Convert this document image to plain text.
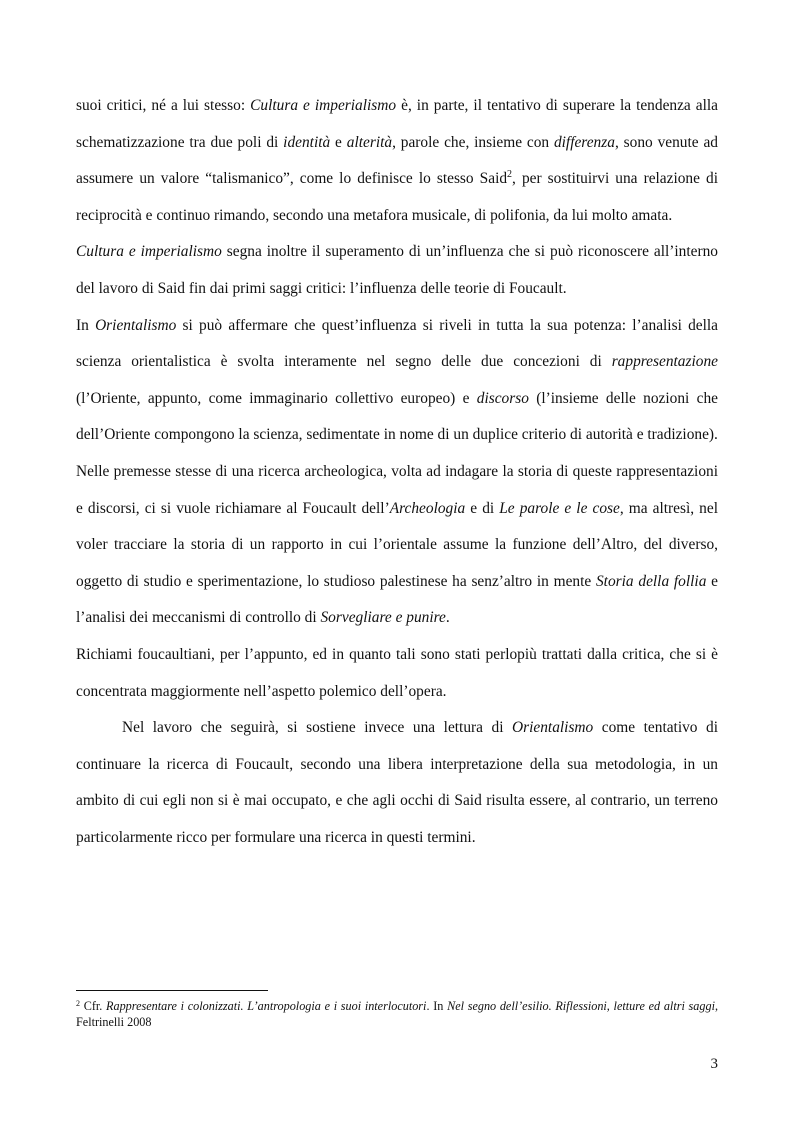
suoi critici, né a lui stesso: Cultura e imperialismo è, in parte, il tentativo di superare la tendenza alla schematizzazione tra due poli di identità e alterità, parole che, insieme con differenza, sono venute ad assumere un valore “talismanico”, come lo definisce lo stesso Said$^2$, per sostituirvi una relazione di reciprocità e continuo rimando, secondo una metafora musicale, di polifonia, da lui molto amata.

Cultura e imperialismo segna inoltre il superamento di un’influenza che si può riconoscere all’interno del lavoro di Said fin dai primi saggi critici: l’influenza delle teorie di Foucault.

In Orientalismo si può affermare che quest’influenza si riveli in tutta la sua potenza: l’analisi della scienza orientalistica è svolta interamente nel segno delle due concezioni di rappresentazione (l’Oriente, appunto, come immaginario collettivo europeo) e discorso (l’insieme delle nozioni che dell’Oriente compongono la scienza, sedimentate in nome di un duplice criterio di autorità e tradizione).

Nelle premesse stesse di una ricerca archeologica, volta ad indagare la storia di queste rappresentazioni e discorsi, ci si vuole richiamare al Foucault dell’Archeologia e di Le parole e le cose, ma altresì, nel voler tracciare la storia di un rapporto in cui l’orientale assume la funzione dell’Altro, del diverso, oggetto di studio e sperimentazione, lo studioso palestinese ha senz’altro in mente Storia della follia e l’analisi dei meccanismi di controllo di Sorvegliare e punire.

Richiami foucaultiani, per l’appunto, ed in quanto tali sono stati perlopiù trattati dalla critica, che si è concentrata maggiormente nell’aspetto polemico dell’opera.

Nel lavoro che seguirà, si sostiene invece una lettura di Orientalismo come tentativo di continuare la ricerca di Foucault, secondo una libera interpretazione della sua metodologia, in un ambito di cui egli non si è mai occupato, e che agli occhi di Said risulta essere, al contrario, un terreno particolarmente ricco per formulare una ricerca in questi termini.

$^2$ Cfr. Rappresentare i colonizzati. L’antropologia e i suoi interlocutori. In Nel segno dell’esilio. Riflessioni, letture ed altri saggi, Feltrinelli 2008
3
